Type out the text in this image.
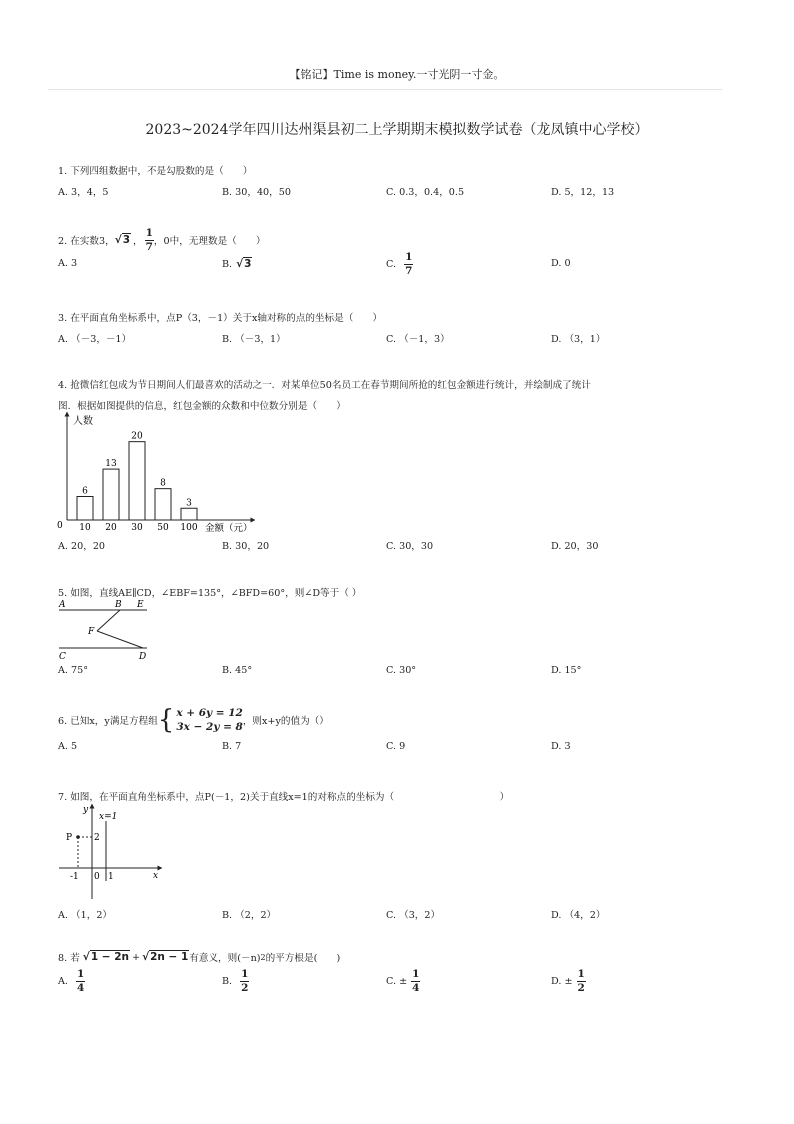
【铭记】Time is money.一寸光阴一寸金。
2023~2024学年四川达州渠县初二上学期期末模拟数学试卷（龙凤镇中心学校）
1. 下列四组数据中，不是勾股数的是（　　）
A. 3，4，5	B. 30，40，50	C. 0.3，0.4，0.5	D. 5，12，13
2. 在实数3， √3 ， $\frac{1}{7}$ ，0中，无理数是（　　）
A. 3	B. √3	C. $\frac{1}{7}$	D. 0
3. 在平面直角坐标系中，点P（3，－1）关于x轴对称的点的坐标是（　　）
A. （－3，－1）	B. （－3，1）	C. （－1，3）	D. （3，1）
4. 抢微信红包成为节日期间人们最喜欢的活动之一．对某单位50名员工在春节期间所抢的红包金额进行统计，并绘制成了统计
图．根据如图提供的信息，红包金额的众数和中位数分别是（　　）
人数
0	金额（元）
6
10
13
20
20
30
8
50
3
100
A. 20，20	B. 30，20	C. 30，30	D. 20，30
5. 如图，直线AE∥CD，∠EBF=135°，∠BFD=60°，则∠D等于（ ）
A	B E
F
C	D
A. 75°	B. 45°	C. 30°	D. 15°
6. 已知x，y满足方程组 { x + 6y = 12
3x − 2y = 8 ，则x+y的值为（）
A. 5	B. 7	C. 9	D. 3
7. 如图，在平面直角坐标系中，点P(－1，2)关于直线x=1的对称点的坐标为（　　　　　　　　　　　）
y
x
x=1
P 2
-1 0 1
A. （1，2）	B. （2，2）	C. （3，2）	D. （4，2）
8. 若 √1 − 2n + √2n − 1 有意义，则(－n) 2 的平方根是(　　)
A. $\frac{1}{4}$	B. $\frac{1}{2}$	C. ± $\frac{1}{4}$	D. ± $\frac{1}{2}$
